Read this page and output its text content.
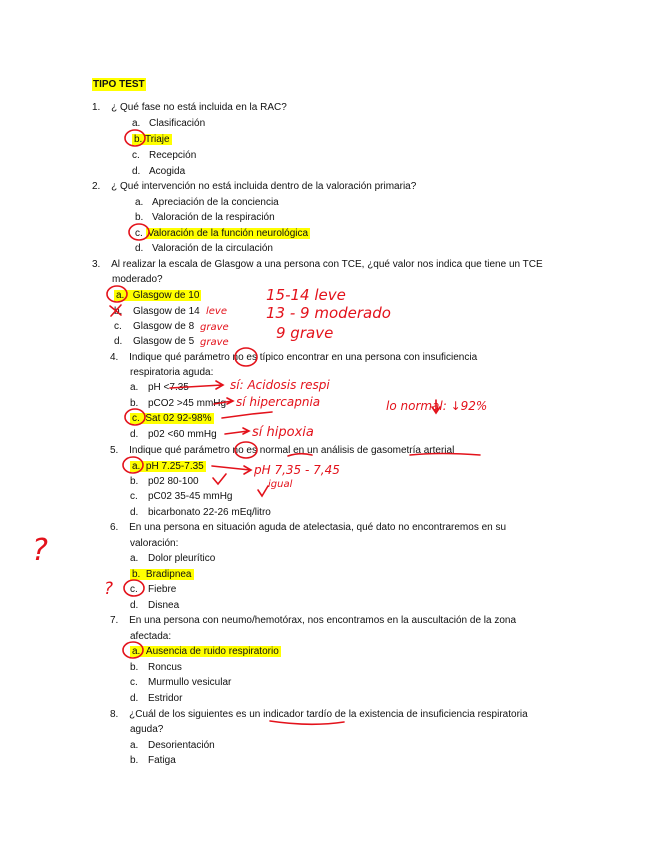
TIPO TEST
1. ¿ Qué fase no está incluida en la RAC?
a. Clasificación
b. Triaje
c. Recepción
d. Acogida
2. ¿ Qué intervención no está incluida dentro de la valoración primaria?
a. Apreciación de la conciencia
b. Valoración de la respiración
c. Valoración de la función neurológica
d. Valoración de la circulación
3. Al realizar la escala de Glasgow a una persona con TCE, ¿qué valor nos indica que tiene un TCE
moderado?
a. Glasgow de 10
b. Glasgow de 14
c. Glasgow de 8
d. Glasgow de 5
4. Indique qué parámetro no es típico encontrar en una persona con insuficiencia
respiratoria aguda:
a. pH <7.35
b. pCO2 >45 mmHg
c. Sat 02 92-98%
d. p02 <60 mmHg
5. Indique qué parámetro no es normal en un análisis de gasometría arterial
a. pH 7.25-7.35
b. p02 80-100
c. pC02 35-45 mmHg
d. bicarbonato 22-26 mEq/litro
6. En una persona en situación aguda de atelectasia, qué dato no encontraremos en su
valoración:
a. Dolor pleurítico
b. Bradipnea
c. Fiebre
d. Disnea
7. En una persona con neumo/hemotórax, nos encontramos en la auscultación de la zona
afectada:
a. Ausencia de ruido respiratorio
b. Roncus
c. Murmullo vesicular
d. Estridor
8. ¿Cuál de los siguientes es un indicador tardío de la existencia de insuficiencia respiratoria
aguda?
a. Desorientación
b. Fatiga
15-14 leve
13 - 9 moderado
9 grave
leve
grave
grave
sí: Acidosis respi
sí hipercapnia	lo normal: ↓92%
sí hipoxia
pH 7,35 - 7,45
igual
?
?
